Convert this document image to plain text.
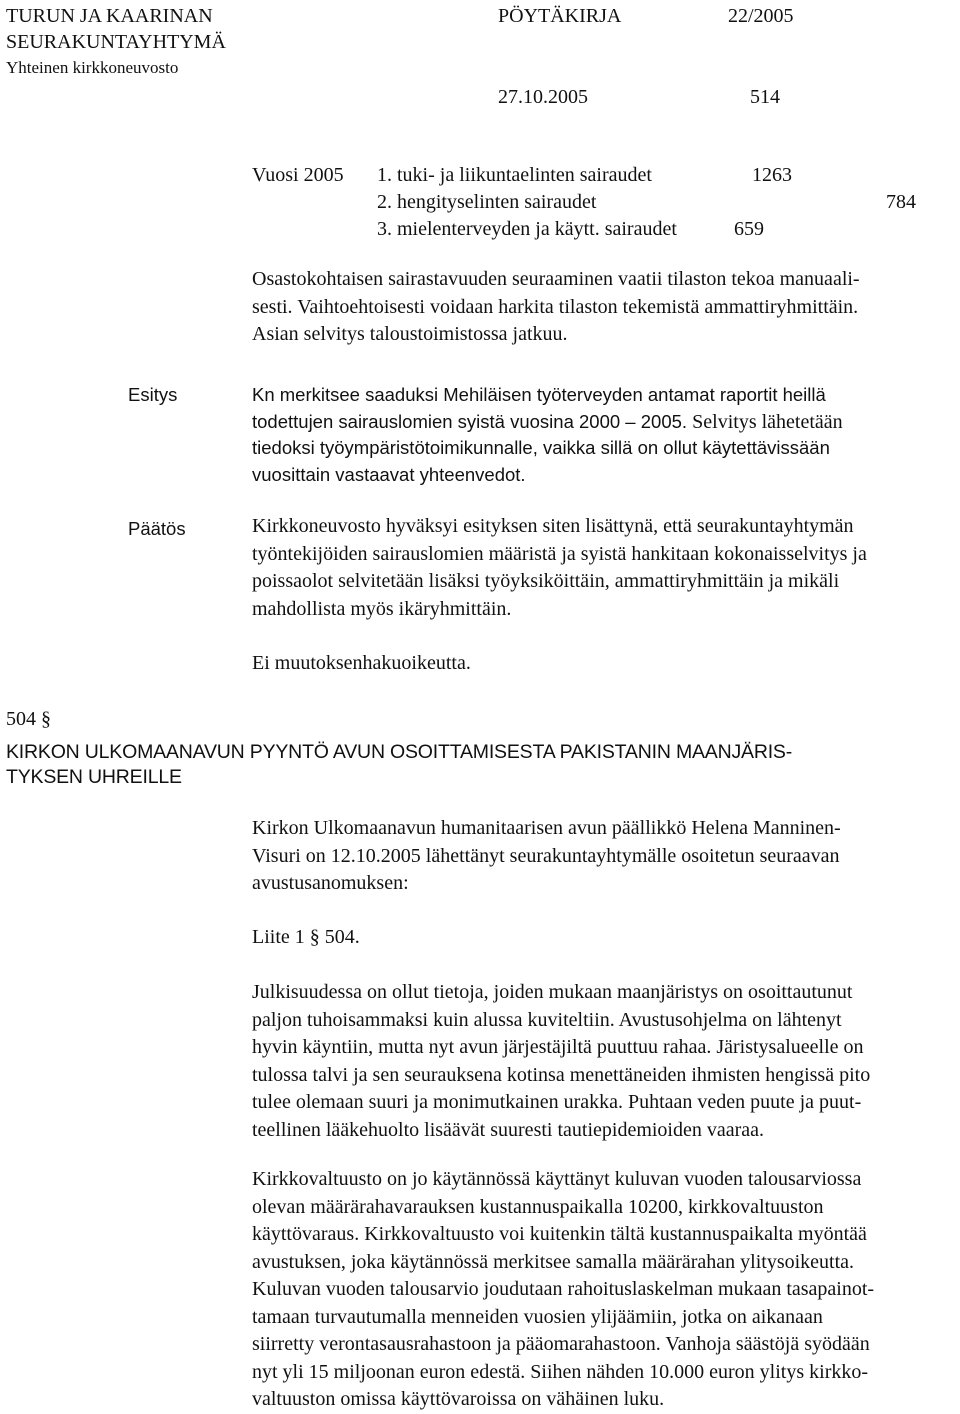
TURUN JA KAARINAN
SEURAKUNTAYHTYMÄ
Yhteinen kirkkoneuvosto
PÖYTÄKIRJA	22/2005
27.10.2005	514
Vuosi 2005 1. tuki- ja liikuntaelinten sairaudet	1263
2. hengityselinten sairaudet	784
3. mielenterveyden ja käytt. sairaudet	659
Osastokohtaisen sairastavuuden seuraaminen vaatii tilaston tekoa manuaali-
sesti. Vaihtoehtoisesti voidaan harkita tilaston tekemistä ammattiryhmittäin.
Asian selvitys taloustoimistossa jatkuu.
Esitys	Kn merkitsee saaduksi Mehiläisen työterveyden antamat raportit heillä
todettujen sairauslomien syistä vuosina 2000 – 2005. Selvitys lähetetään
tiedoksi työympäristötoimikunnalle, vaikka sillä on ollut käytettävissään
vuosittain vastaavat yhteenvedot.
Päätös	Kirkkoneuvosto hyväksyi esityksen siten lisättynä, että seurakuntayhtymän
työntekijöiden sairauslomien määristä ja syistä hankitaan kokonaisselvitys ja
poissaolot selvitetään lisäksi työyksiköittäin, ammattiryhmittäin ja mikäli
mahdollista myös ikäryhmittäin.
Ei muutoksenhakuoikeutta.
504 §
KIRKON ULKOMAANAVUN PYYNTÖ AVUN OSOITTAMISESTA PAKISTANIN MAANJÄRIS-
TYKSEN UHREILLE
Kirkon Ulkomaanavun humanitaarisen avun päällikkö Helena Manninen-
Visuri on 12.10.2005 lähettänyt seurakuntayhtymälle osoitetun seuraavan
avustusanomuksen:
Liite 1 § 504.
Julkisuudessa on ollut tietoja, joiden mukaan maanjäristys on osoittautunut
paljon tuhoisammaksi kuin alussa kuviteltiin. Avustusohjelma on lähtenyt
hyvin käyntiin, mutta nyt avun järjestäjiltä puuttuu rahaa. Järistysalueelle on
tulossa talvi ja sen seurauksena kotinsa menettäneiden ihmisten hengissä pito
tulee olemaan suuri ja monimutkainen urakka. Puhtaan veden puute ja puut-
teellinen lääkehuolto lisäävät suuresti tautiepidemioiden vaaraa.
Kirkkovaltuusto on jo käytännössä käyttänyt kuluvan vuoden talousarviossa
olevan määrärahavarauksen kustannuspaikalla 10200, kirkkovaltuuston
käyttövaraus. Kirkkovaltuusto voi kuitenkin tältä kustannuspaikalta myöntää
avustuksen, joka käytännössä merkitsee samalla määrärahan ylitysoikeutta.
Kuluvan vuoden talousarvio joudutaan rahoituslaskelman mukaan tasapainot-
tamaan turvautumalla menneiden vuosien ylijäämiin, jotka on aikanaan
siirretty verontasausrahastoon ja pääomarahastoon. Vanhoja säästöjä syödään
nyt yli 15 miljoonan euron edestä. Siihen nähden 10.000 euron ylitys kirkko-
valtuuston omissa käyttövaroissa on vähäinen luku.
